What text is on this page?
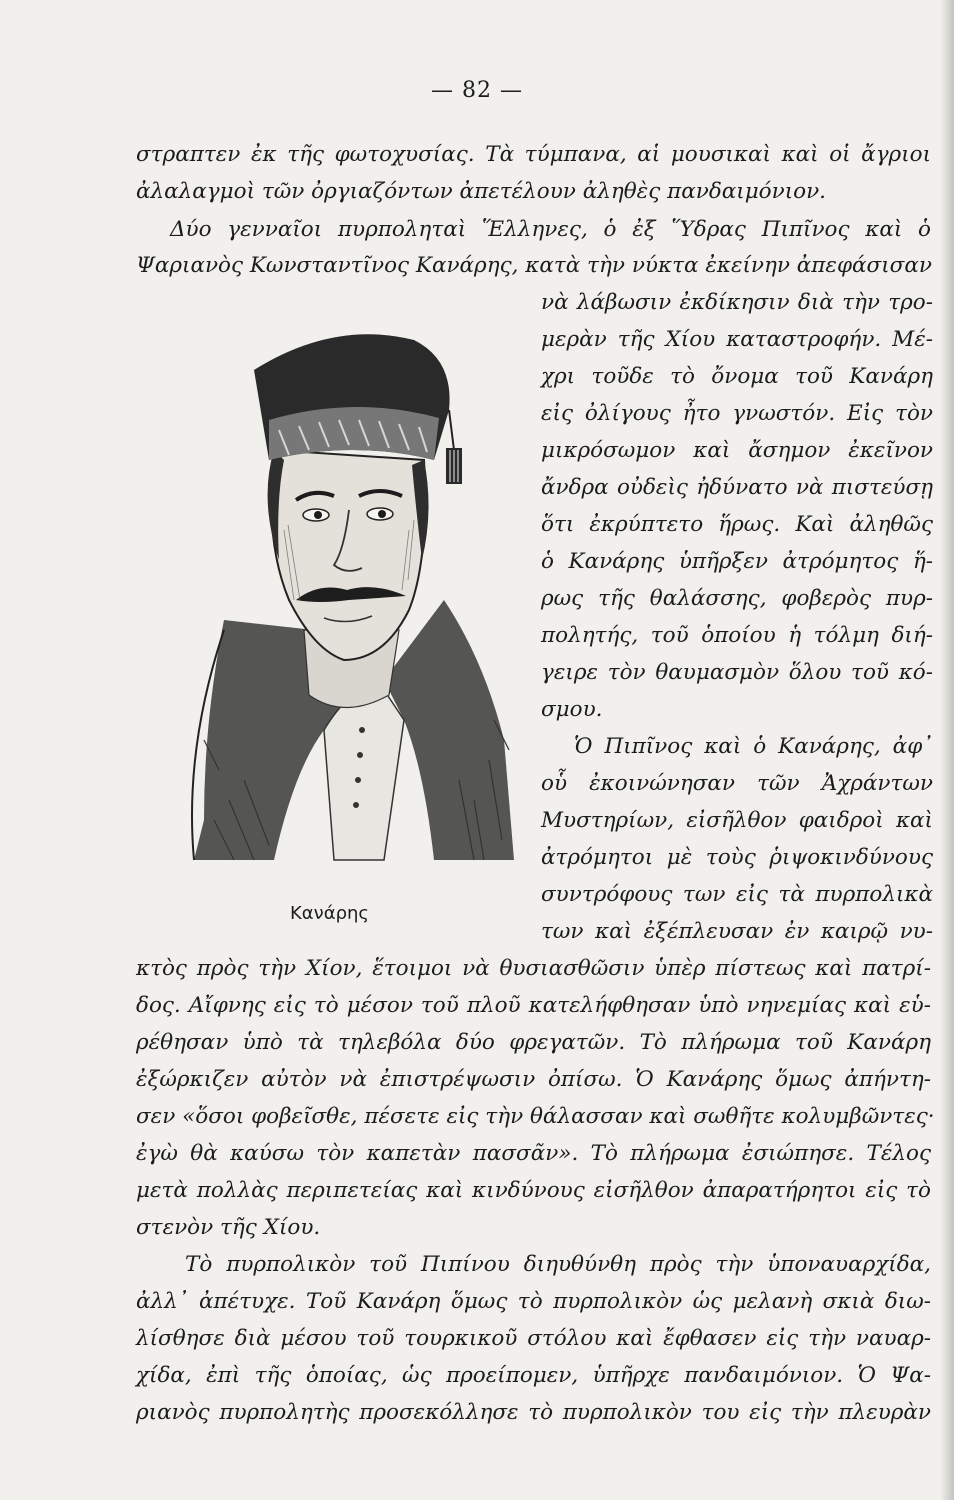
— 82 —
στραπτεν ἐκ τῆς φωτοχυσίας. Τὰ τύμπανα, αἱ μουσικαὶ καὶ οἱ ἄγριοι
ἀλαλαγμοὶ τῶν ὀργιαζόντων ἀπετέλουν ἀληθὲς πανδαιμόνιον.
Δύο γενναῖοι πυρποληταὶ Ἕλληνες, ὁ ἐξ Ὕδρας Πιπῖνος καὶ ὁ
Ψαριανὸς Κωνσταντῖνος Κανάρης, κατὰ τὴν νύκτα ἐκείνην ἀπεφάσισαν
νὰ λάβωσιν ἐκδίκησιν διὰ τὴν τρο-
μερὰν τῆς Χίου καταστροφήν. Μέ-
χρι τοῦδε τὸ ὄνομα τοῦ Κανάρη
εἰς ὀλίγους ἦτο γνωστόν. Εἰς τὸν
μικρόσωμον καὶ ἄσημον ἐκεῖνον
ἄνδρα οὐδεὶς ἠδύνατο νὰ πιστεύσῃ
ὅτι ἐκρύπτετο ἥρως. Καὶ ἀληθῶς
ὁ Κανάρης ὑπῆρξεν ἀτρόμητος ἥ-
ρως τῆς θαλάσσης, φοβερὸς πυρ-
πολητής, τοῦ ὁποίου ἡ τόλμη διή-
γειρε τὸν θαυμασμὸν ὅλου τοῦ κό-
σμου.
Ὁ Πιπῖνος καὶ ὁ Κανάρης, ἀφ᾿
οὗ ἐκοινώνησαν τῶν Ἀχράντων
Μυστηρίων, εἰσῆλθον φαιδροὶ καὶ
ἀτρόμητοι μὲ τοὺς ῥιψοκινδύνους
συντρόφους των εἰς τὰ πυρπολικὰ
των καὶ ἐξέπλευσαν ἐν καιρῷ νυ-
Κανάρης
κτὸς πρὸς τὴν Χίον, ἕτοιμοι νὰ θυσιασθῶσιν ὑπὲρ πίστεως καὶ πατρί-
δος. Αἴφνης εἰς τὸ μέσον τοῦ πλοῦ κατελήφθησαν ὑπὸ νηνεμίας καὶ εὑ-
ρέθησαν ὑπὸ τὰ τηλεβόλα δύο φρεγατῶν. Τὸ πλήρωμα τοῦ Κανάρη
ἐξώρκιζεν αὐτὸν νὰ ἐπιστρέψωσιν ὀπίσω. Ὁ Κανάρης ὅμως ἀπήντη-
σεν «ὅσοι φοβεῖσθε, πέσετε εἰς τὴν θάλασσαν καὶ σωθῆτε κολυμβῶντες·
ἐγὼ θὰ καύσω τὸν καπετὰν πασσᾶν». Τὸ πλήρωμα ἐσιώπησε. Τέλος
μετὰ πολλὰς περιπετείας καὶ κινδύνους εἰσῆλθον ἀπαρατήρητοι εἰς τὸ
στενὸν τῆς Χίου.
Τὸ πυρπολικὸν τοῦ Πιπίνου διηυθύνθη πρὸς τὴν ὑποναυαρχίδα,
ἀλλ᾿ ἀπέτυχε. Τοῦ Κανάρη ὅμως τὸ πυρπολικὸν ὡς μελανὴ σκιὰ διω-
λίσθησε διὰ μέσου τοῦ τουρκικοῦ στόλου καὶ ἔφθασεν εἰς τὴν ναυαρ-
χίδα, ἐπὶ τῆς ὁποίας, ὡς προείπομεν, ὑπῆρχε πανδαιμόνιον. Ὁ Ψα-
ριανὸς πυρπολητὴς προσεκόλλησε τὸ πυρπολικὸν του εἰς τὴν πλευρὰν
